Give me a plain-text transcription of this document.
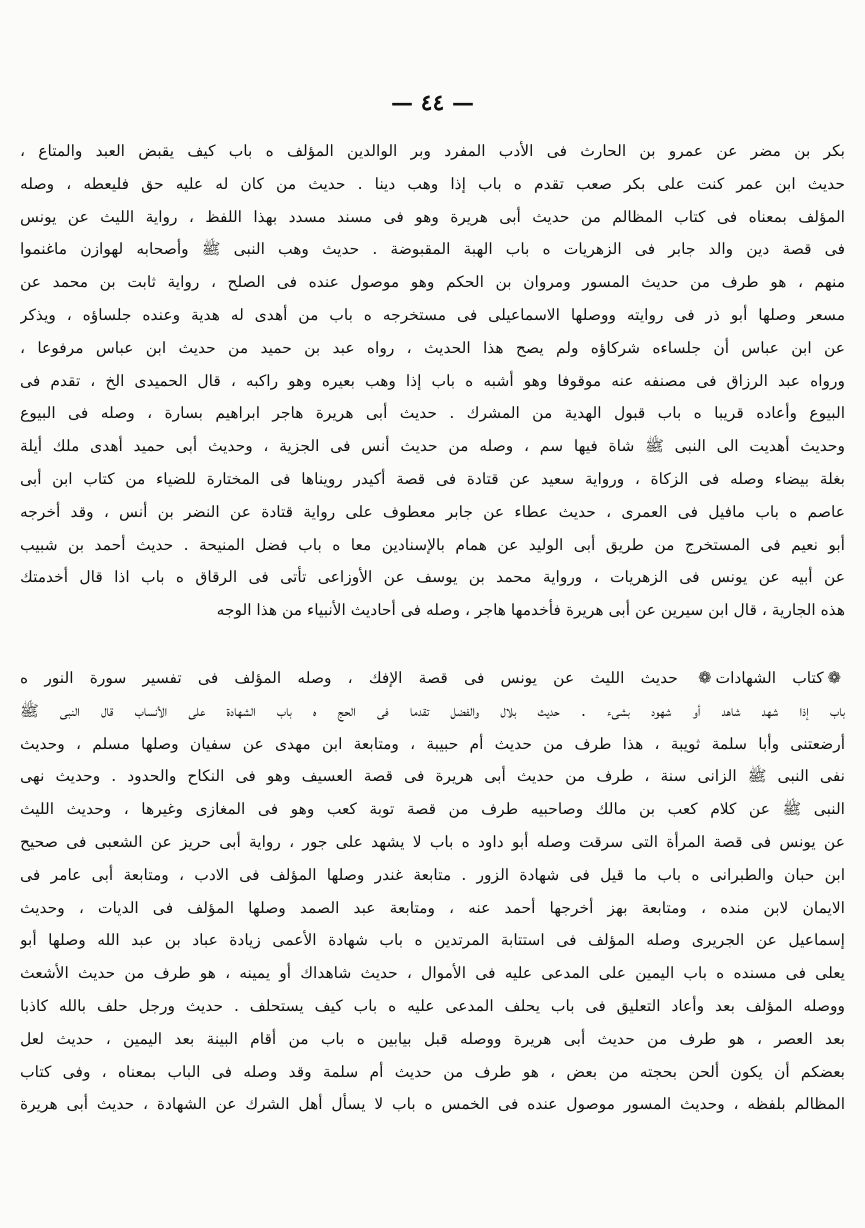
— ٤٤ —
بكر بن مضر عن عمرو بن الحارث فى الأدب المفرد وبر الوالدين المؤلف ه باب كيف يقبض العبد والمتاع ،
حديث ابن عمر كنت على بكر صعب تقدم ه باب إذا وهب دينا . حديث من كان له عليه حق فليعطه ، وصله
المؤلف بمعناه فى كتاب المظالم من حديث أبى هريرة وهو فى مسند مسدد بهذا اللفظ ، رواية الليث عن يونس
فى قصة دين والد جابر فى الزهريات ه باب الهبة المقبوضة . حديث وهب النبى ﷺ وأصحابه لهوازن ماغنموا
منهم ، هو طرف من حديث المسور ومروان بن الحكم وهو موصول عنده فى الصلح ، رواية ثابت بن محمد عن
مسعر وصلها أبو ذر فى روايته ووصلها الاسماعيلى فى مستخرجه ه باب من أهدى له هدية وعنده جلساؤه ، ويذكر
عن ابن عباس أن جلساءه شركاؤه ولم يصح هذا الحديث ، رواه عبد بن حميد من حديث ابن عباس مرفوعا ،
ورواه عبد الرزاق فى مصنفه عنه موقوفا وهو أشبه ه باب إذا وهب بعيره وهو راكبه ، قال الحميدى الخ ، تقدم فى
البيوع وأعاده قريبا ه باب قبول الهدية من المشرك . حديث أبى هريرة هاجر ابراهيم بسارة ، وصله فى البيوع
وحديث أهديت الى النبى ﷺ شاة فيها سم ، وصله من حديث أنس فى الجزية ، وحديث أبى حميد أهدى ملك أيلة
بغلة بيضاء وصله فى الزكاة ، ورواية سعيد عن قتادة فى قصة أكيدر رويناها فى المختارة للضياء من كتاب ابن أبى
عاصم ه باب مافيل فى العمرى ، حديث عطاء عن جابر معطوف على رواية قتادة عن النضر بن أنس ، وقد أخرجه
أبو نعيم فى المستخرج من طريق أبى الوليد عن همام بالإسنادين معا ه باب فضل المنيحة . حديث أحمد بن شبيب
عن أبيه عن يونس فى الزهريات ، ورواية محمد بن يوسف عن الأوزاعى تأتى فى الرقاق ه باب اذا قال أخدمتك
هذه الجارية ، قال ابن سيرين عن أبى هريرة فأخدمها هاجر ، وصله فى أحاديث الأنبياء من هذا الوجه
❁كتاب الشهادات❁ حديث الليث عن يونس فى قصة الإفك ، وصله المؤلف فى تفسير سورة النور ه
باب إذا شهد شاهد أو شهود بشىء . حديث بلال والفضل تقدما فى الحج ه باب الشهادة على الأنساب قال النبى ﷺ
أرضعتنى وأبا سلمة ثويبة ، هذا طرف من حديث أم حبيبة ، ومتابعة ابن مهدى عن سفيان وصلها مسلم ، وحديث
نفى النبى ﷺ الزانى سنة ، طرف من حديث أبى هريرة فى قصة العسيف وهو فى النكاح والحدود . وحديث نهى
النبى ﷺ عن كلام كعب بن مالك وصاحبيه طرف من قصة توبة كعب وهو فى المغازى وغيرها ، وحديث الليث
عن يونس فى قصة المرأة التى سرقت وصله أبو داود ه باب لا يشهد على جور ، رواية أبى حريز عن الشعبى فى صحيح
ابن حبان والطبرانى ه باب ما قيل فى شهادة الزور . متابعة غندر وصلها المؤلف فى الادب ، ومتابعة أبى عامر فى
الايمان لابن منده ، ومتابعة بهز أخرجها أحمد عنه ، ومتابعة عبد الصمد وصلها المؤلف فى الديات ، وحديث
إسماعيل عن الجريرى وصله المؤلف فى استتابة المرتدين ه باب شهادة الأعمى زيادة عباد بن عبد الله وصلها أبو
يعلى فى مسنده ه باب اليمين على المدعى عليه فى الأموال ، حديث شاهداك أو يمينه ، هو طرف من حديث الأشعث
ووصله المؤلف بعد وأعاد التعليق فى باب يحلف المدعى عليه ه باب كيف يستحلف . حديث ورجل حلف بالله كاذبا
بعد العصر ، هو طرف من حديث أبى هريرة ووصله قبل بيابين ه باب من أقام البينة بعد اليمين ، حديث لعل
بعضكم أن يكون ألحن بحجته من بعض ، هو طرف من حديث أم سلمة وقد وصله فى الباب بمعناه ، وفى كتاب
المظالم بلفظه ، وحديث المسور موصول عنده فى الخمس ه باب لا يسأل أهل الشرك عن الشهادة ، حديث أبى هريرة
